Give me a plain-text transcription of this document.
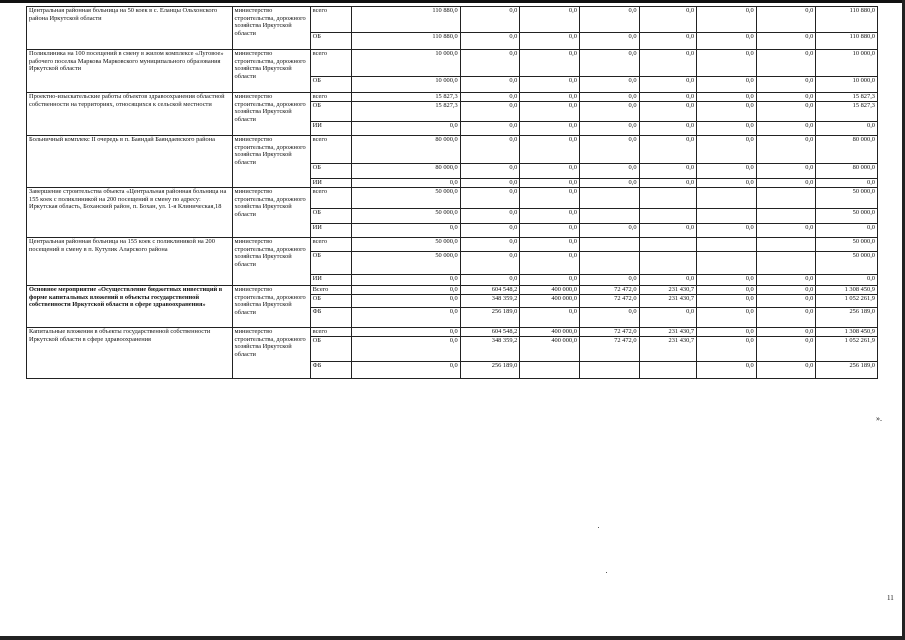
Центральная районная больница на 50 коек в с. Еланцы Ольхонского района Иркутской области	министерство строительства, дорожного хозяйства Иркутской области	всего	110 880,0	0,0	0,0	0,0	0,0	0,0	0,0	110 880,0
		ОБ	110 880,0	0,0	0,0	0,0	0,0	0,0	0,0	110 880,0
Поликлиника на 100 посещений в смену в жилом комплексе «Луговое» рабочего поселка Маркова Марковского муниципального образования Иркутской области	министерство строительства, дорожного хозяйства Иркутской области	всего	10 000,0	0,0	0,0	0,0	0,0	0,0	0,0	10 000,0
		ОБ	10 000,0	0,0	0,0	0,0	0,0	0,0	0,0	10 000,0
Проектно-изыскательские работы объектов здравоохранения областной собственности на территориях, относящихся к сельской местности	министерство строительства, дорожного хозяйства Иркутской области	всего	15 827,3	0,0	0,0	0,0	0,0	0,0	0,0	15 827,3
		ОБ	15 827,3	0,0	0,0	0,0	0,0	0,0	0,0	15 827,3
		ИИ	0,0	0,0	0,0	0,0	0,0	0,0	0,0	0,0
Больничный комплекс II очередь в п. Баяндай Баяндаевского района	министерство строительства, дорожного хозяйства Иркутской области	всего	80 000,0	0,0	0,0	0,0	0,0	0,0	0,0	80 000,0
		ОБ	80 000,0	0,0	0,0	0,0	0,0	0,0	0,0	80 000,0
		ИИ	0,0	0,0	0,0	0,0	0,0	0,0	0,0	0,0
Завершение строительства объекта «Центральная районная больница на 155 коек с поликлиникой на 200 посещений в смену по адресу: Иркутская область, Боханский район, п. Бохан, ул. 1-я Клиническая,18	министерство строительства, дорожного хозяйства Иркутской области	всего	50 000,0	0,0	0,0					50 000,0
		ОБ	50 000,0	0,0	0,0					50 000,0
		ИИ	0,0	0,0	0,0	0,0	0,0	0,0	0,0	0,0
Центральная районная больница на 155 коек с поликлиникой на 200 посещений в смену в п. Кутулик Аларского района	министерство строительства, дорожного хозяйства Иркутской области	всего	50 000,0	0,0	0,0					50 000,0
		ОБ	50 000,0	0,0	0,0					50 000,0
		ИИ	0,0	0,0	0,0	0,0	0,0	0,0	0,0	0,0
Основное мероприятие «Осуществление бюджетных инвестиций в форме капитальных вложений в объекты государственной собственности Иркутской области в сфере здравоохранения»	министерство строительства, дорожного хозяйства Иркутской области	Всего	0,0	604 548,2	400 000,0	72 472,0	231 430,7	0,0	0,0	1 308 450,9
		ОБ	0,0	348 359,2	400 000,0	72 472,0	231 430,7	0,0	0,0	1 052 261,9
		ФБ	0,0	256 189,0	0,0	0,0	0,0	0,0	0,0	256 189,0
Капитальные вложения в объекты государственной собственности Иркутской области в сфере здравоохранения	министерство строительства, дорожного хозяйства Иркутской области	всего	0,0	604 548,2	400 000,0	72 472,0	231 430,7	0,0	0,0	1 308 450,9
		ОБ	0,0	348 359,2	400 000,0	72 472,0	231 430,7	0,0	0,0	1 052 261,9
		ФБ	0,0	256 189,0				0,0	0,0	256 189,0
».
11
